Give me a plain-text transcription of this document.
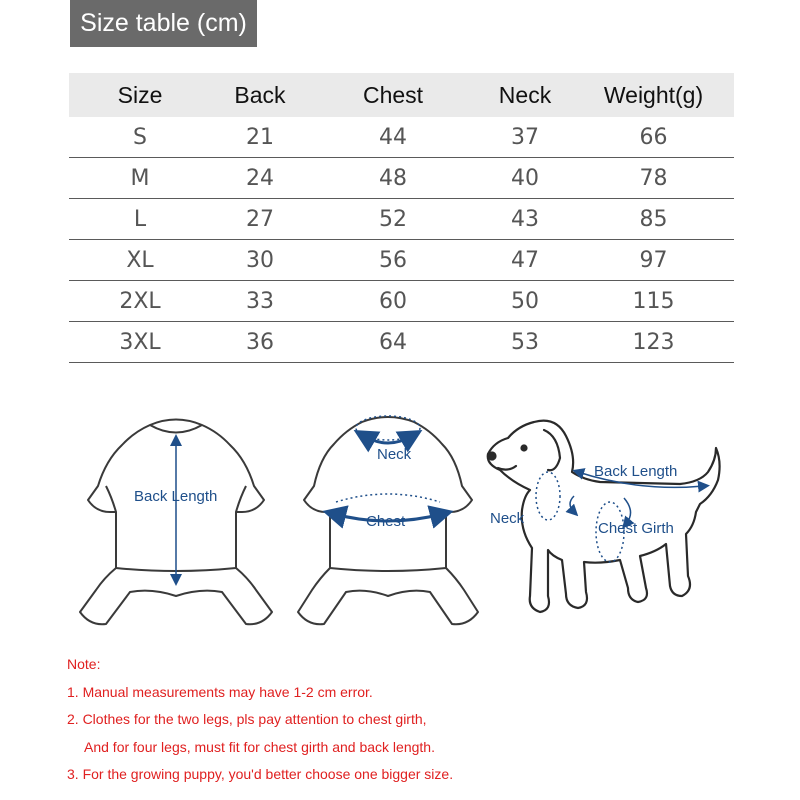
Size table (cm)
Size	Back	Chest	Neck	Weight(g)
S	21	44	37	66
M	24	48	40	78
L	27	52	43	85
XL	30	56	47	97
2XL	33	60	50	115
3XL	36	64	53	123
Back Length
Neck
Chest
Back Length
Neck
Chest Girth
Note:
1. Manual measurements may have 1-2 cm error.
2. Clothes for the two legs, pls pay attention to chest girth,
And for four legs, must fit for chest girth and back length.
3. For the growing puppy, you'd better choose one bigger size.
